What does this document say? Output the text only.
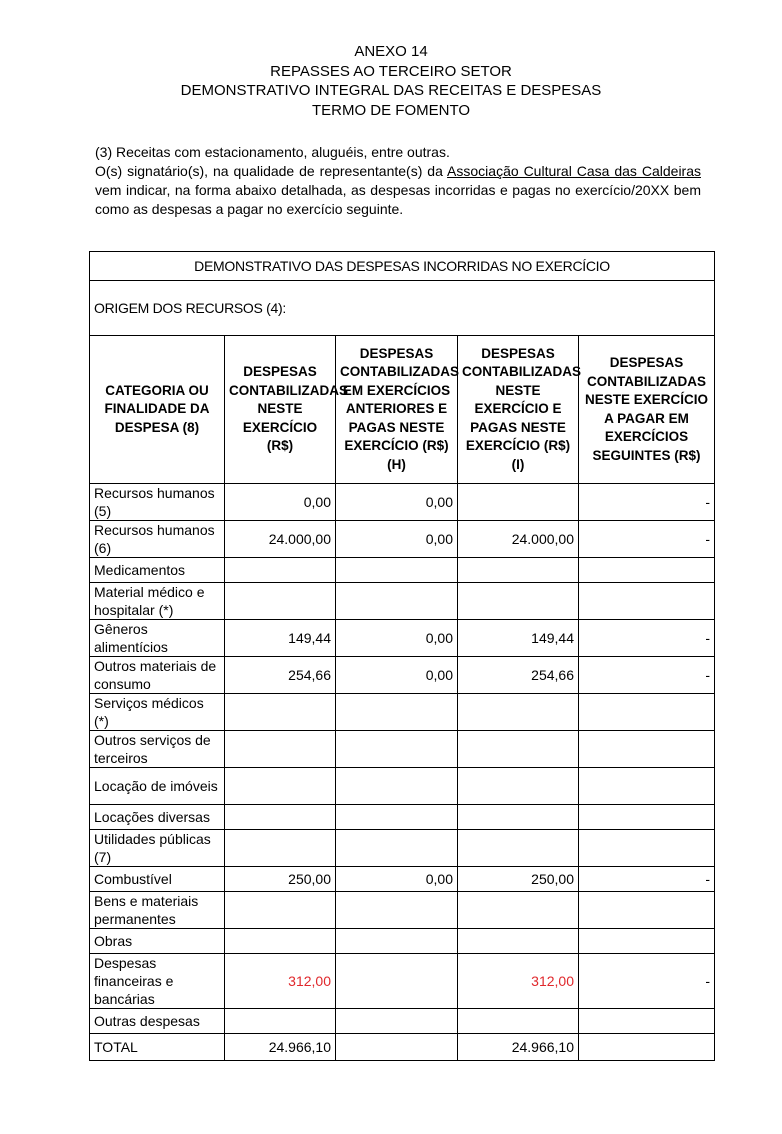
ANEXO 14
REPASSES AO TERCEIRO SETOR
DEMONSTRATIVO INTEGRAL DAS RECEITAS E DESPESAS
TERMO DE FOMENTO

(3) Receitas com estacionamento, aluguéis, entre outras.

O(s) signatário(s), na qualidade de representante(s) da Associação Cultural Casa das Caldeiras vem indicar, na forma abaixo detalhada, as despesas incorridas e pagas no exercício/20XX bem como as despesas a pagar no exercício seguinte.

DEMONSTRATIVO DAS DESPESAS INCORRIDAS NO EXERCÍCIO				
ORIGEM DOS RECURSOS (4):				
CATEGORIA OU FINALIDADE DA DESPESA (8)	DESPESAS CONTABILIZADAS NESTE EXERCÍCIO (R$)	DESPESAS CONTABILIZADAS EM EXERCÍCIOS ANTERIORES E PAGAS NESTE EXERCÍCIO (R$) (H)	DESPESAS CONTABILIZADAS NESTE EXERCÍCIO E PAGAS NESTE EXERCÍCIO (R$) (I)	DESPESAS CONTABILIZADAS NESTE EXERCÍCIO A PAGAR EM EXERCÍCIOS SEGUINTES (R$)
Recursos humanos (5)	0,00	0,00		-
Recursos humanos (6)	24.000,00	0,00	24.000,00	-
Medicamentos				
Material médico e hospitalar (*)				
Gêneros alimentícios	149,44	0,00	149,44	-
Outros materiais de consumo	254,66	0,00	254,66	-
Serviços médicos (*)				
Outros serviços de terceiros				
Locação de imóveis				
Locações diversas				
Utilidades públicas (7)				
Combustível	250,00	0,00	250,00	-
Bens e materiais permanentes				
Obras				
Despesas financeiras e bancárias	312,00		312,00	-
Outras despesas				
TOTAL	24.966,10		24.966,10	
